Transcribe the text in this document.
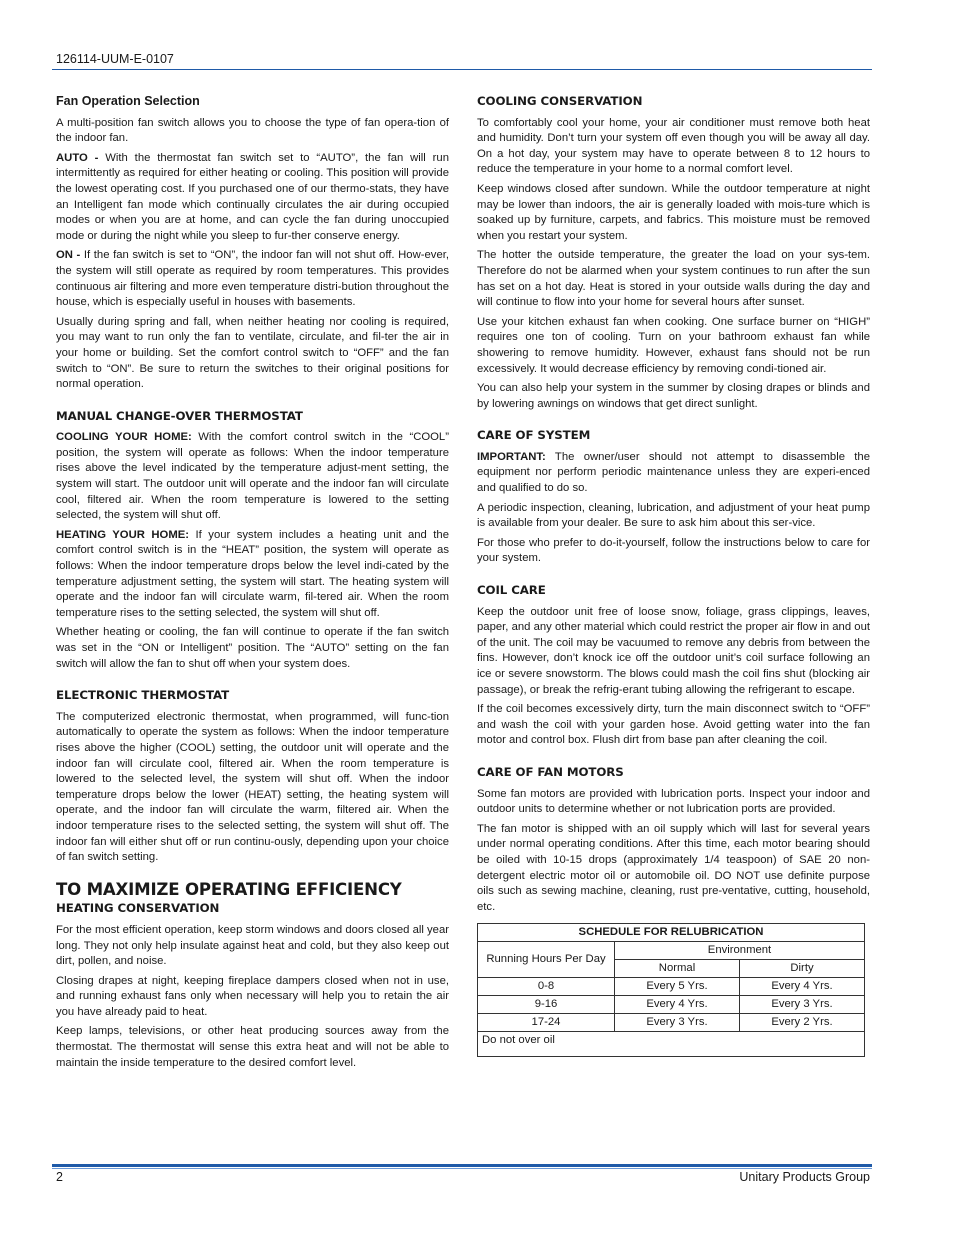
126114-UUM-E-0107
Fan Operation Selection

A multi-position fan switch allows you to choose the type of fan opera-tion of the indoor fan.

AUTO - With the thermostat fan switch set to “AUTO”, the fan will run intermittently as required for either heating or cooling. This position will provide the lowest operating cost. If you purchased one of our thermo-stats, they have an Intelligent fan mode which continually circulates the air during occupied modes or when you are at home, and can cycle the fan during unoccupied mode or during the night while you sleep to fur-ther conserve energy.

ON - If the fan switch is set to “ON”, the indoor fan will not shut off. How-ever, the system will still operate as required by room temperatures. This provides continuous air filtering and more even temperature distri-bution throughout the house, which is especially useful in houses with basements.

Usually during spring and fall, when neither heating nor cooling is required, you may want to run only the fan to ventilate, circulate, and fil-ter the air in your home or building. Set the comfort control switch to “OFF” and the fan switch to “ON”. Be sure to return the switches to their original positions for normal operation.

MANUAL CHANGE-OVER THERMOSTAT

COOLING YOUR HOME: With the comfort control switch in the “COOL” position, the system will operate as follows: When the indoor temperature rises above the level indicated by the temperature adjust-ment setting, the system will start. The outdoor unit will operate and the indoor fan will circulate cool, filtered air. When the room temperature is lowered to the setting selected, the system will shut off.

HEATING YOUR HOME: If your system includes a heating unit and the comfort control switch is in the “HEAT” position, the system will operate as follows: When the indoor temperature drops below the level indi-cated by the temperature adjustment setting, the system will start. The heating system will operate and the indoor fan will circulate warm, fil-tered air. When the room temperature rises to the setting selected, the system will shut off.

Whether heating or cooling, the fan will continue to operate if the fan switch was set in the “ON or Intelligent” position. The “AUTO” setting on the fan switch will allow the fan to shut off when your system does.

ELECTRONIC THERMOSTAT

The computerized electronic thermostat, when programmed, will func-tion automatically to operate the system as follows: When the indoor temperature rises above the higher (COOL) setting, the outdoor unit will operate and the indoor fan will circulate cool, filtered air. When the room temperature is lowered to the selected level, the system will shut off. When the indoor temperature drops below the lower (HEAT) setting, the heating system will operate, and the indoor fan will circulate the warm, filtered air. When the indoor temperature rises to the selected setting, the system will shut off. The indoor fan will either shut off or run continu-ously, depending upon your choice of fan switch setting.

TO MAXIMIZE OPERATING EFFICIENCY
HEATING CONSERVATION

For the most efficient operation, keep storm windows and doors closed all year long. They not only help insulate against heat and cold, but they also keep out dirt, pollen, and noise.

Closing drapes at night, keeping fireplace dampers closed when not in use, and running exhaust fans only when necessary will help you to retain the air you have already paid to heat.

Keep lamps, televisions, or other heat producing sources away from the thermostat. The thermostat will sense this extra heat and will not be able to maintain the inside temperature to the desired comfort level.

COOLING CONSERVATION

To comfortably cool your home, your air conditioner must remove both heat and humidity. Don’t turn your system off even though you will be away all day. On a hot day, your system may have to operate between 8 to 12 hours to reduce the temperature in your home to a normal comfort level.

Keep windows closed after sundown. While the outdoor temperature at night may be lower than indoors, the air is generally loaded with mois-ture which is soaked up by furniture, carpets, and fabrics. This moisture must be removed when you restart your system.

The hotter the outside temperature, the greater the load on your sys-tem. Therefore do not be alarmed when your system continues to run after the sun has set on a hot day. Heat is stored in your outside walls during the day and will continue to flow into your home for several hours after sunset.

Use your kitchen exhaust fan when cooking. One surface burner on “HIGH” requires one ton of cooling. Turn on your bathroom exhaust fan while showering to remove humidity. However, exhaust fans should not be run excessively. It would decrease efficiency by removing condi-tioned air.

You can also help your system in the summer by closing drapes or blinds and by lowering awnings on windows that get direct sunlight.

CARE OF SYSTEM

IMPORTANT: The owner/user should not attempt to disassemble the equipment nor perform periodic maintenance unless they are experi-enced and qualified to do so.

A periodic inspection, cleaning, lubrication, and adjustment of your heat pump is available from your dealer. Be sure to ask him about this ser-vice.

For those who prefer to do-it-yourself, follow the instructions below to care for your system.

COIL CARE

Keep the outdoor unit free of loose snow, foliage, grass clippings, leaves, paper, and any other material which could restrict the proper air flow in and out of the unit. The coil may be vacuumed to remove any debris from between the fins. However, don’t knock ice off the outdoor unit’s coil surface following an ice or severe snowstorm. The blows could mash the coil fins shut (blocking air passage), or break the refrig-erant tubing allowing the refrigerant to escape.

If the coil becomes excessively dirty, turn the main disconnect switch to “OFF” and wash the coil with your garden hose. Avoid getting water into the fan motor and control box. Flush dirt from base pan after cleaning the coil.

CARE OF FAN MOTORS

Some fan motors are provided with lubrication ports. Inspect your indoor and outdoor units to determine whether or not lubrication ports are provided.

The fan motor is shipped with an oil supply which will last for several years under normal operating conditions. After this time, each motor bearing should be oiled with 10-15 drops (approximately 1/4 teaspoon) of SAE 20 non-detergent electric motor oil or automobile oil. DO NOT use definite purpose oils such as sewing machine, cleaning, rust pre-ventative, cutting, household, etc.

SCHEDULE FOR RELUBRICATION		
Running Hours Per Day	Environment	
	Normal	Dirty
0-8	Every 5 Yrs.	Every 4 Yrs.
9-16	Every 4 Yrs.	Every 3 Yrs.
17-24	Every 3 Yrs.	Every 2 Yrs.
Do not over oil		
2	Unitary Products Group
